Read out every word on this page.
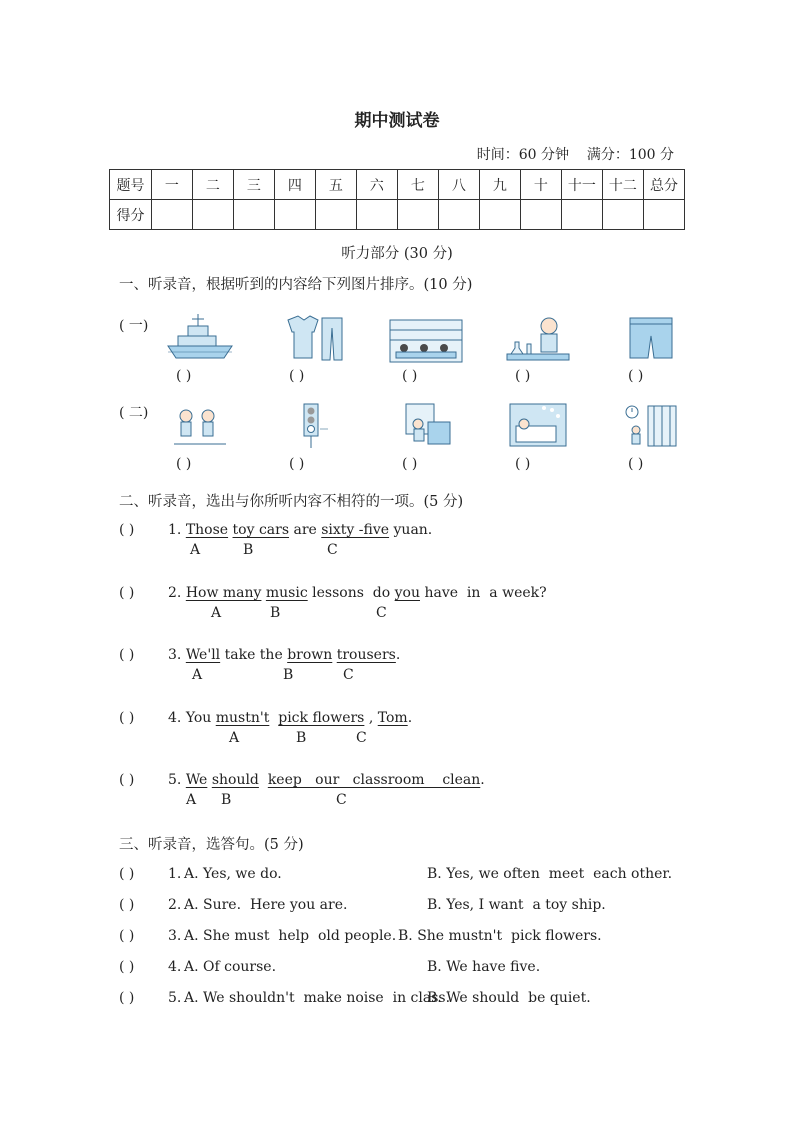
期中测试卷
时间：60 分钟 满分：100 分
题号	一	二	三	四	五	六	七	八	九	十	十一	十二	总分
得分													
听力部分 (30 分)
一、听录音，根据听到的内容给下列图片排序。(10 分)
( 一)
( 二)
( )	( )	( )	( )	( )
( )	( )	( )	( )	( )
二、听录音，选出与你所听内容不相符的一项。(5 分)
( ) 1. Those toy cars are sixty -five yuan.
A	B	C
( ) 2. How many music lessons  do you have  in  a week?
A	B	C
( ) 3. We'll take the brown trousers.
A	B	C
( ) 4. You mustn't pick flowers , Tom.
A	B	C
( ) 5. We should keep   our   classroom    clean.
A B	C
三、听录音，选答句。(5 分)
( ) 1. A. Yes, we do.	B. Yes, we often  meet  each other.
( ) 2. A. Sure.  Here you are.	B. Yes, I want  a toy ship.
( ) 3. A. She must  help  old people. B. She mustn't  pick flowers.
( ) 4. A. Of course.	B. We have five.
( ) 5. A. We shouldn't  make noise  in class.
B. We should  be quiet.
